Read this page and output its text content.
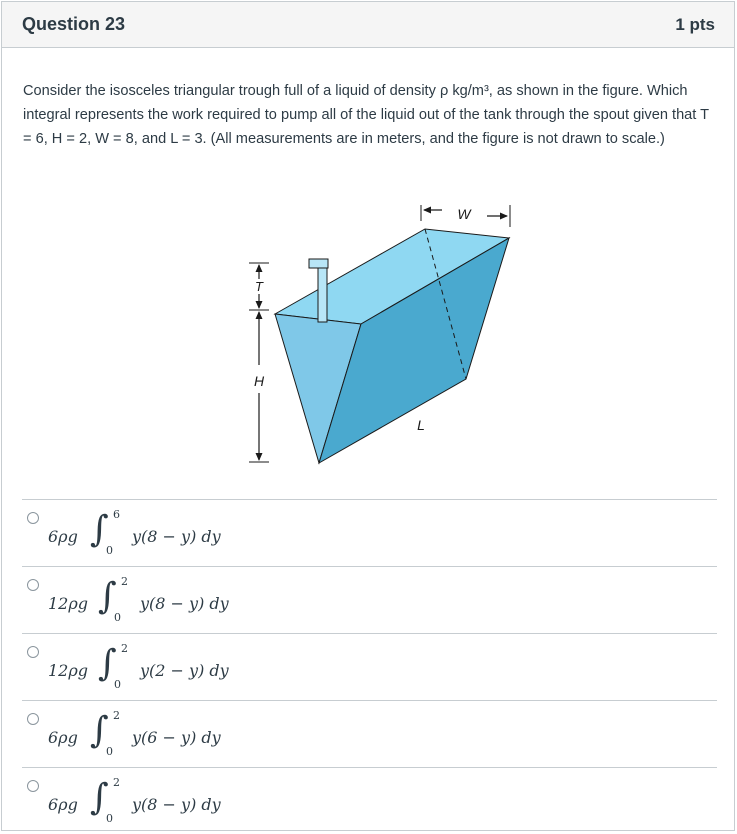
Question 23	1 pts
Consider the isosceles triangular trough full of a liquid of density ρ kg/m³, as shown in the figure. Which integral represents the work required to pump all of the liquid out of the tank through the spout given that T = 6, H = 2, W = 8, and L = 3. (All measurements are in meters, and the figure is not drawn to scale.)
W
T
H
L
6ρg ∫ 6
0
y(8 − y) dy
12ρg ∫ 2
0
y(8 − y) dy
12ρg ∫ 2
0
y(2 − y) dy
6ρg ∫ 2
0
y(6 − y) dy
6ρg ∫ 2
0
y(8 − y) dy
